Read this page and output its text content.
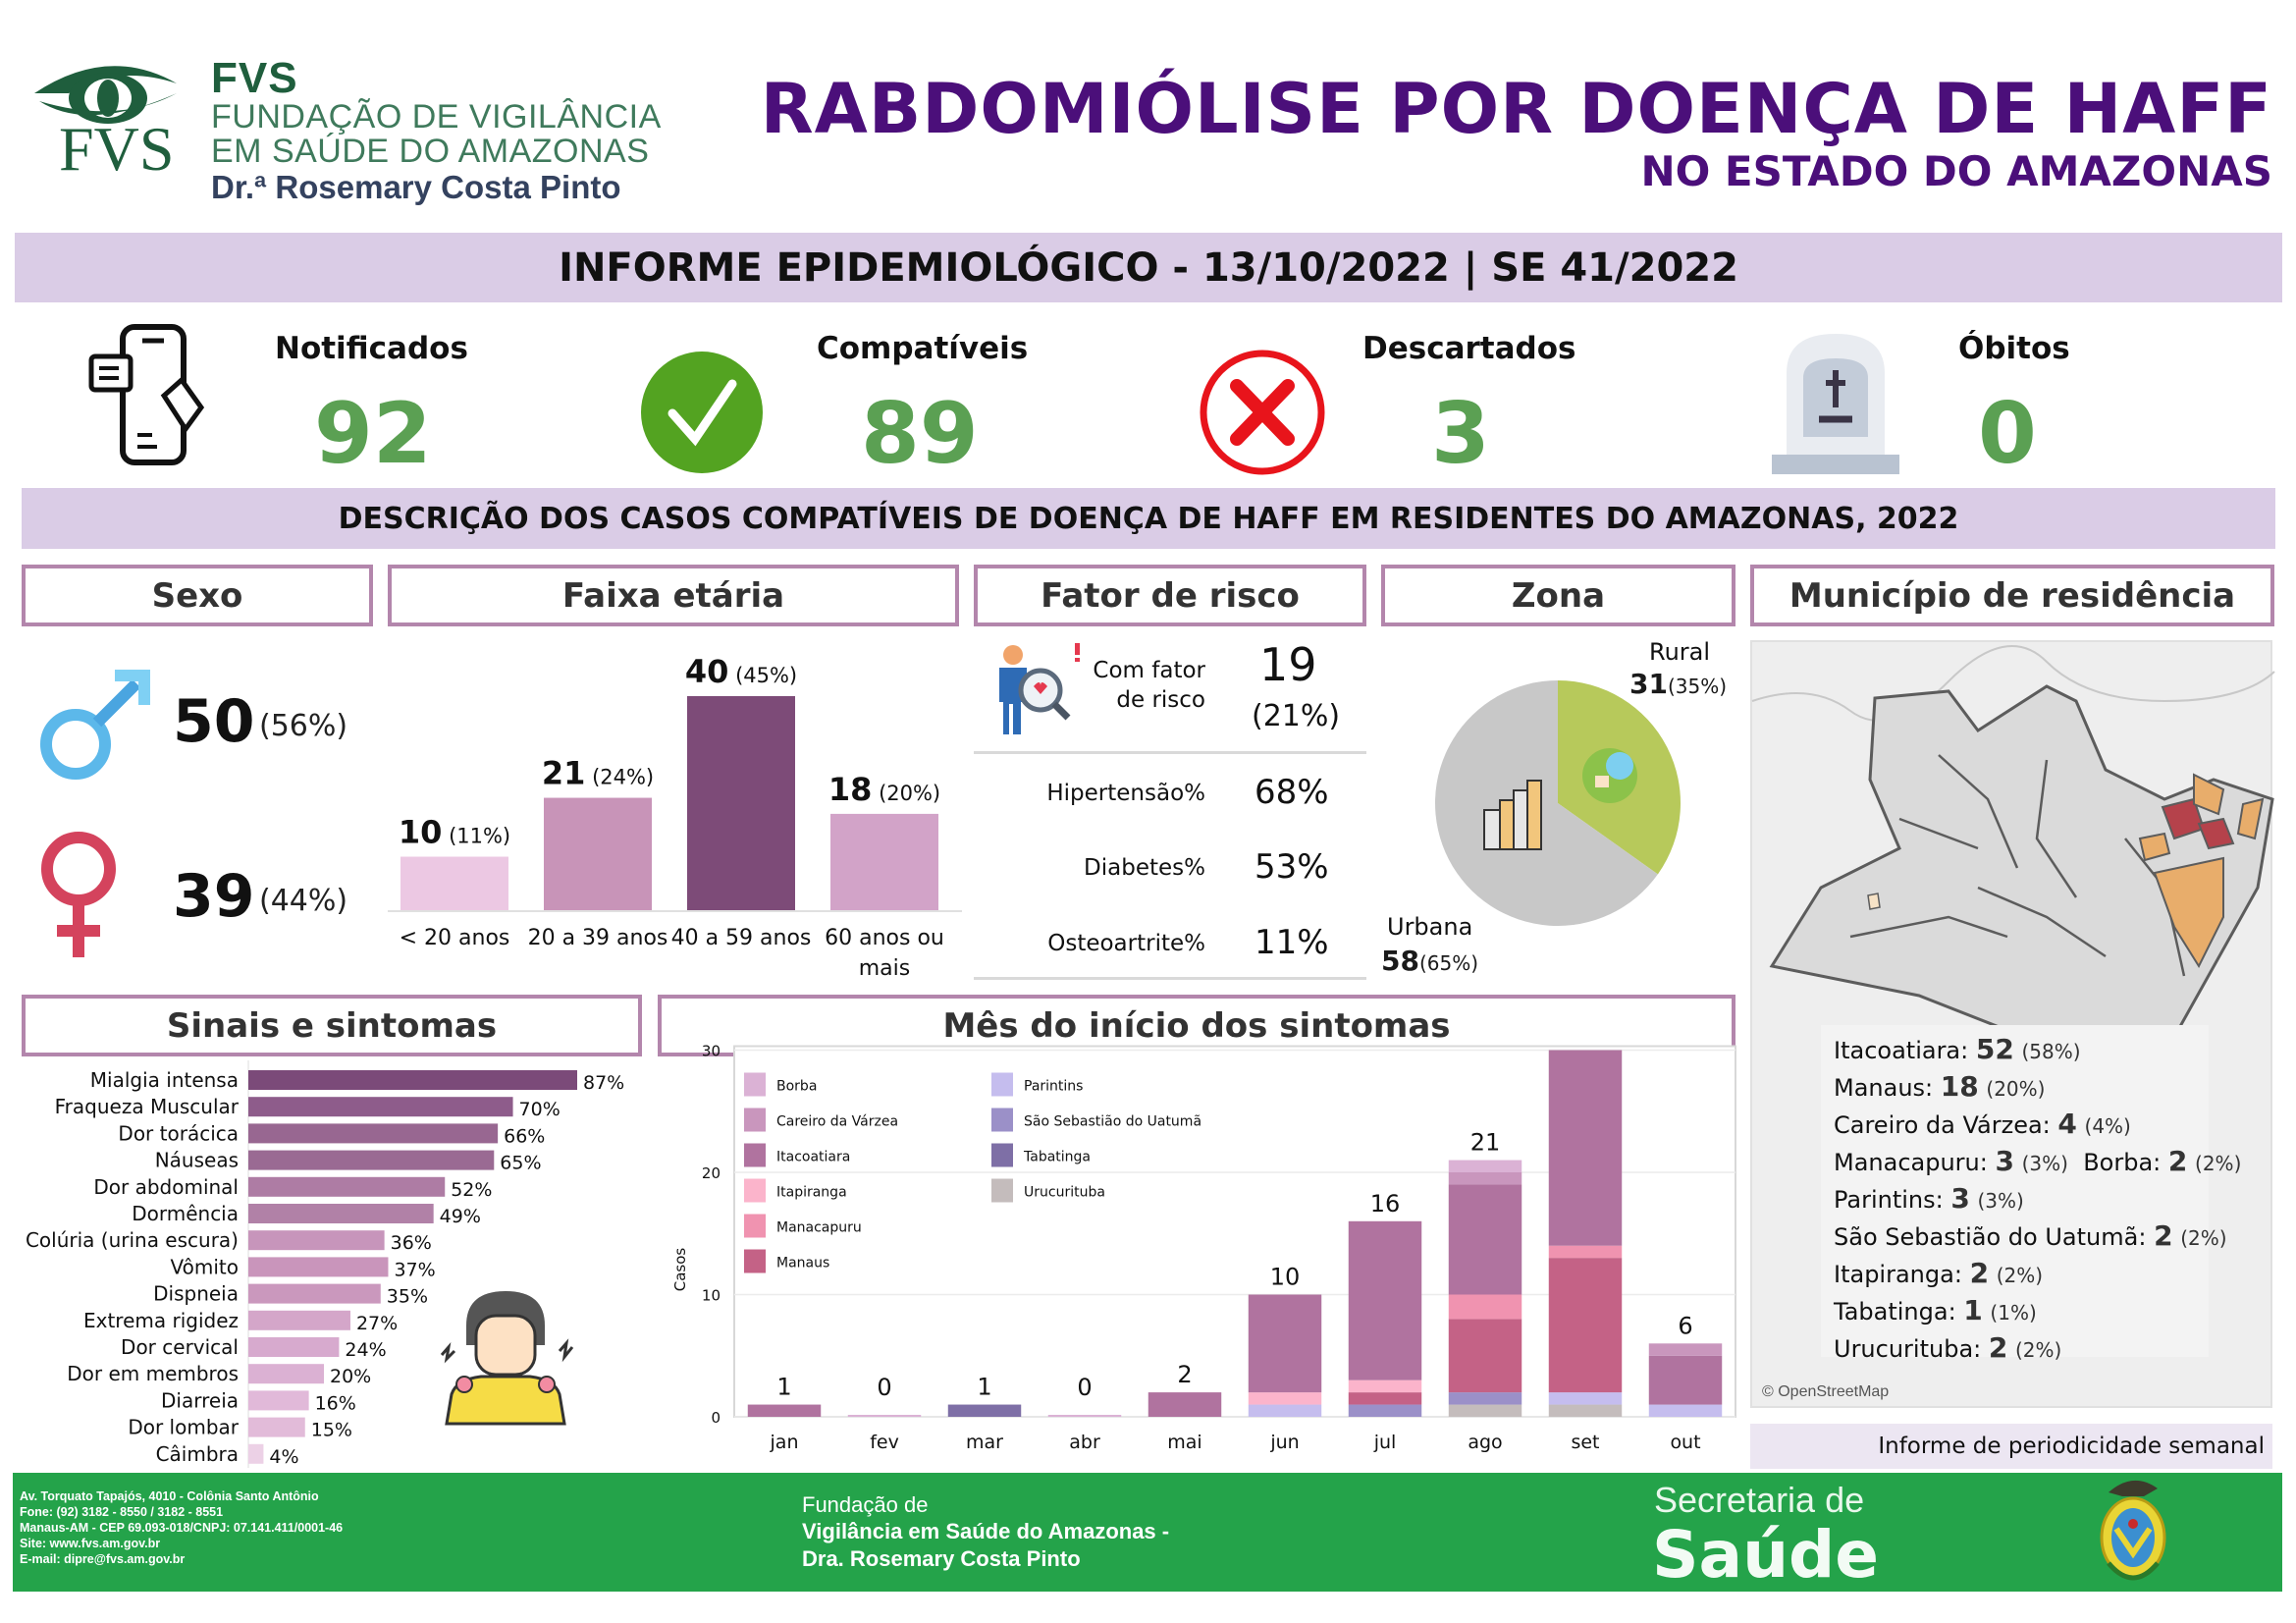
FVS
FVS
FUNDAÇÃO DE VIGILÂNCIA
EM SAÚDE DO AMAZONAS
Dr.ª Rosemary Costa Pinto
RABDOMIÓLISE POR DOENÇA DE HAFF
NO ESTADO DO AMAZONAS
INFORME EPIDEMIOLÓGICO - 13/10/2022 | SE 41/2022
Notificados
92
Compatíveis
89
Descartados
3
Óbitos
0
DESCRIÇÃO DOS CASOS COMPATÍVEIS DE DOENÇA DE HAFF EM RESIDENTES DO AMAZONAS, 2022
Sexo	Faixa etária	Fator de risco	Zona	Município de residência
50 (56%)
39 (44%)
10 (11%)
< 20 anos
21 (24%)
20 a 39 anos
40 (45%)
40 a 59 anos
18 (20%)
60 anos ou
mais
Com fator
de risco
19
(21%)
Hipertensão% 68%
Diabetes% 53%
Osteoartrite% 11%
Rural
31(35%)
Urbana
58(65%)
© OpenStreetMap
Itacoatiara: 52 (58%)
Manaus: 18 (20%)
Careiro da Várzea: 4 (4%)
Manacapuru: 3 (3%) Borba: 2 (2%)
Parintins: 3 (3%)
São Sebastião do Uatumã: 2 (2%)
Itapiranga: 2 (2%)
Tabatinga: 1 (1%)
Urucurituba: 2 (2%)
Informe de periodicidade semanal
Sinais e sintomas
Mialgia intensa	87%
Fraqueza Muscular	70%
Dor torácica	66%
Náuseas	65%
Dor abdominal	52%
Dormência	49%
Colúria (urina escura)	36%
Vômito	37%
Dispneia	35%
Extrema rigidez	27%
Dor cervical	24%
Dor em membros	20%
Diarreia	16%
Dor lombar	15%
Câimbra 4%
Mês do início dos sintomas
0
10
20
30
Casos
1
jan
0
fev
1
mar
0
abr
2
mai
10
jun
16
jul
21
ago	set
6
out
Borba
Careiro da Várzea
Itacoatiara
Itapiranga
Manacapuru
Manaus
Parintins
São Sebastião do Uatumã
Tabatinga
Urucurituba
Av. Torquato Tapajós, 4010 - Colônia Santo Antônio
Fone: (92) 3182 - 8550 / 3182 - 8551
Manaus-AM - CEP 69.093-018/CNPJ: 07.141.411/0001-46
Site: www.fvs.am.gov.br
E-mail: dipre@fvs.am.gov.br
Fundação de
Vigilância em Saúde do Amazonas -
Dra. Rosemary Costa Pinto
Secretaria de
Saúde
